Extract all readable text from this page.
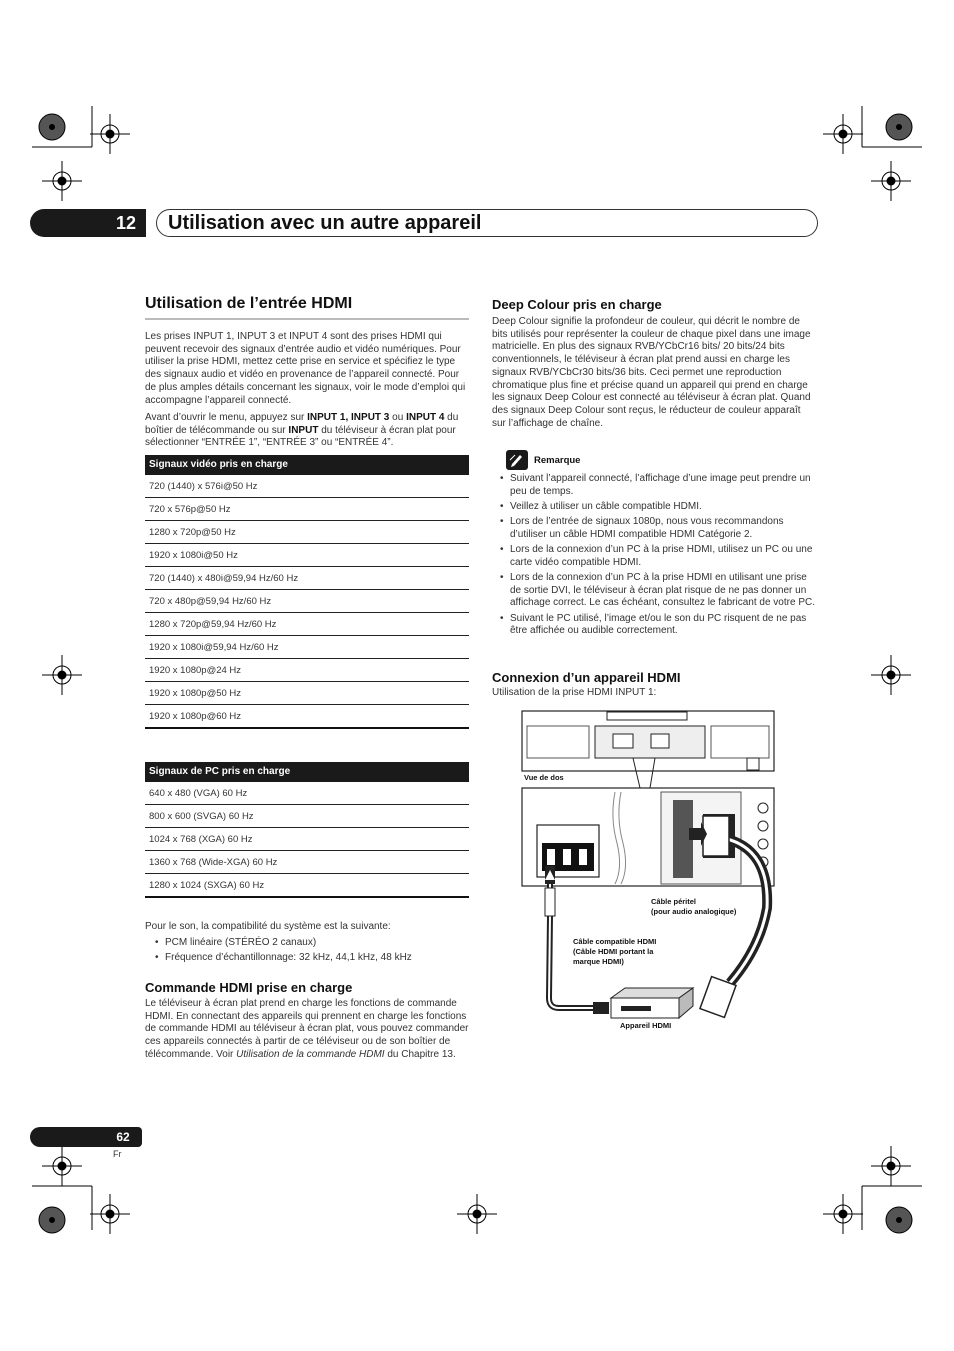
12	Utilisation avec un autre appareil
Utilisation de l’entrée HDMI
Les prises INPUT 1, INPUT 3 et INPUT 4 sont des prises HDMI qui peuvent recevoir des signaux d’entrée audio et vidéo numériques. Pour utiliser la prise HDMI, mettez cette prise en service et spécifiez le type des signaux audio et vidéo en provenance de l’appareil connecté. Pour de plus amples détails concernant les signaux, voir le mode d’emploi qui accompagne l’appareil connecté.
Avant d’ouvrir le menu, appuyez sur INPUT 1, INPUT 3 ou INPUT 4 du boîtier de télécommande ou sur INPUT du téléviseur à écran plat pour sélectionner “ENTRÉE 1”, “ENTRÉE 3” ou “ENTRÉE 4”.
Signaux vidéo pris en charge
720 (1440) x 576i@50 Hz
720 x 576p@50 Hz
1280 x 720p@50 Hz
1920 x 1080i@50 Hz
720 (1440) x 480i@59,94 Hz/60 Hz
720 x 480p@59,94 Hz/60 Hz
1280 x 720p@59,94 Hz/60 Hz
1920 x 1080i@59,94 Hz/60 Hz
1920 x 1080p@24 Hz
1920 x 1080p@50 Hz
1920 x 1080p@60 Hz
Signaux de PC pris en charge
640 x 480 (VGA) 60 Hz
800 x 600 (SVGA) 60 Hz
1024 x 768 (XGA) 60 Hz
1360 x 768 (Wide-XGA) 60 Hz
1280 x 1024 (SXGA) 60 Hz
Pour le son, la compatibilité du système est la suivante:
• PCM linéaire (STÉRÉO 2 canaux)
• Fréquence d’échantillonnage: 32 kHz, 44,1 kHz, 48 kHz
Commande HDMI prise en charge
Le téléviseur à écran plat prend en charge les fonctions de commande HDMI. En connectant des appareils qui prennent en charge les fonctions de commande HDMI au téléviseur à écran plat, vous pouvez commander ces appareils connectés à partir de ce téléviseur ou de son boîtier de télécommande. Voir Utilisation de la commande HDMI du Chapitre 13.
Deep Colour pris en charge
Deep Colour signifie la profondeur de couleur, qui décrit le nombre de bits utilisés pour représenter la couleur de chaque pixel dans une image matricielle. En plus des signaux RVB/YCbCr16 bits/ 20 bits/24 bits conventionnels, le téléviseur à écran plat prend aussi en charge les signaux RVB/YCbCr30 bits/36 bits. Ceci permet une reproduction chromatique plus fine et précise quand un appareil qui prend en charge les signaux Deep Colour est connecté au téléviseur à écran plat. Quand des signaux Deep Colour sont reçus, le réducteur de couleur apparaît sur l’affichage de chaîne.
Remarque
• Suivant l’appareil connecté, l’affichage d’une image peut prendre un peu de temps.
• Veillez à utiliser un câble compatible HDMI.
• Lors de l’entrée de signaux 1080p, nous vous recommandons d’utiliser un câble HDMI compatible HDMI Catégorie 2.
• Lors de la connexion d’un PC à la prise HDMI, utilisez un PC ou une carte vidéo compatible HDMI.
• Lors de la connexion d’un PC à la prise HDMI en utilisant une prise de sortie DVI, le téléviseur à écran plat risque de ne pas donner un affichage correct. Le cas échéant, consultez le fabricant de votre PC.
• Suivant le PC utilisé, l’image et/ou le son du PC risquent de ne pas être affichée ou audible correctement.
Connexion d’un appareil HDMI
Utilisation de la prise HDMI INPUT 1:
Vue de dos
Câble péritel
(pour audio analogique)
Câble compatible HDMI
(Câble HDMI portant la
marque HDMI)
Appareil HDMI
62
Fr
